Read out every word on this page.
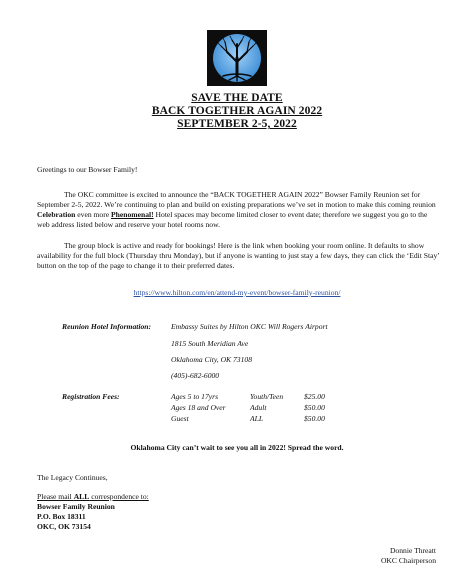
SAVE THE DATE
BACK TOGETHER AGAIN 2022
SEPTEMBER 2-5, 2022
Greetings to our Bowser Family!
The OKC committee is excited to announce the “BACK TOGETHER AGAIN 2022” Bowser Family Reunion set for September 2-5, 2022. We’re continuing to plan and build on existing preparations we’ve set in motion to make this coming reunion Celebration even more Phenomenal! Hotel spaces may become limited closer to event date; therefore we suggest you go to the web address listed below and reserve your hotel rooms now.
The group block is active and ready for bookings! Here is the link when booking your room online. It defaults to show availability for the full block (Thursday thru Monday), but if anyone is wanting to just stay a few days, they can click the ‘Edit Stay’ button on the top of the page to change it to their preferred dates.
https://www.hilton.com/en/attend-my-event/bowser-family-reunion/
Reunion Hotel Information:	Embassy Suites by Hilton OKC Will Rogers Airport
1815 South Meridian Ave
Oklahoma City, OK 73108
(405)-682-6000
Registration Fees:	Ages 5 to 17yrs	Youth/Teen	$25.00
Ages 18 and Over	Adult	$50.00
Guest	ALL	$50.00
Oklahoma City can’t wait to see you all in 2022! Spread the word.
The Legacy Continues,
Please mail ALL correspondence to:
Bowser Family Reunion
P.O. Box 18311
OKC, OK 73154
Donnie Threatt
OKC Chairperson
